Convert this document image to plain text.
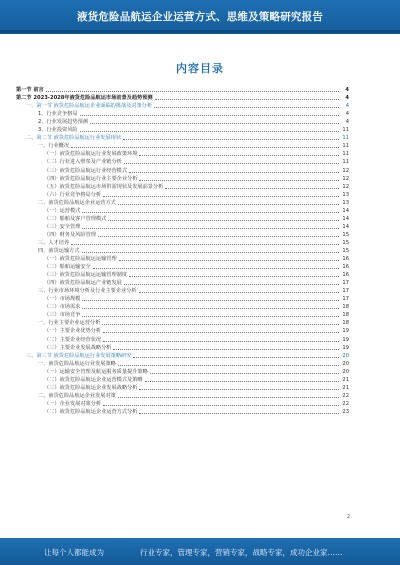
液货危险品航运企业运营方式、思维及策略研究报告
内容目录
第一节 前言	4
第二节 2023-2028年液货危险品航运市场前景及趋势预测	4
一、第一节 液货危险品航运企业面临的挑战及对策分析	4
1、行业竞争格局	4
2、行业发展趋势预测	4
3、行业投资风险	11
二、第二节 液货危险品航运行业发展现状	11
一、行业概况	11
（一）液货危险品航运行业发展政策环境	11
（二）行业进入壁垒及产业链分析	11
（三）液货危险品航运行业经营模式	12
（四）液货危险品航运行业主要企业分析	12
（五）液货危险品航运市场供需现状及发展前景分析	12
（六）行业竞争格局分析	13
二、液货危险品航运企业运营方式	13
（一）运营模式	14
（二）船舶及客户管理模式	14
（三）安全管理	14
（四）财务及风险管理	15
三、人才培养	15
四、液货运输方式	15
（一）液货危险品航运运输管理	16
（二）船舶运输安全	16
（三）液货危险品航运运输管理制度	16
（四）液货危险品航运产业链发展	17
三、行业市场环境分析及行业主要企业分析	17
（一）市场规模	17
（二）市场需求	18
（三）市场竞争	18
一、行业主要企业运营分析	18
（一）主要企业优势分析	19
（二）主要企业经营状况	19
（三）主要企业发展战略分析	19
三、第三节 液货危险品航运行业发展策略研究	20
一、液货危险品航运行业发展策略	20
（一）运输安全管理及航运服务质量提升策略	20
（二）液货危险品航运企业运营模式及策略	21
（三）液货危险品航运企业发展战略分析	21
二、液货危险品航运企业发展对策	22
（一）企业发展对策分析	22
（二）液货危险品航运企业运营方式分析	23
2
让每个人都能成为	行业专家，管理专家，营销专家，战略专家，成功企业家……
